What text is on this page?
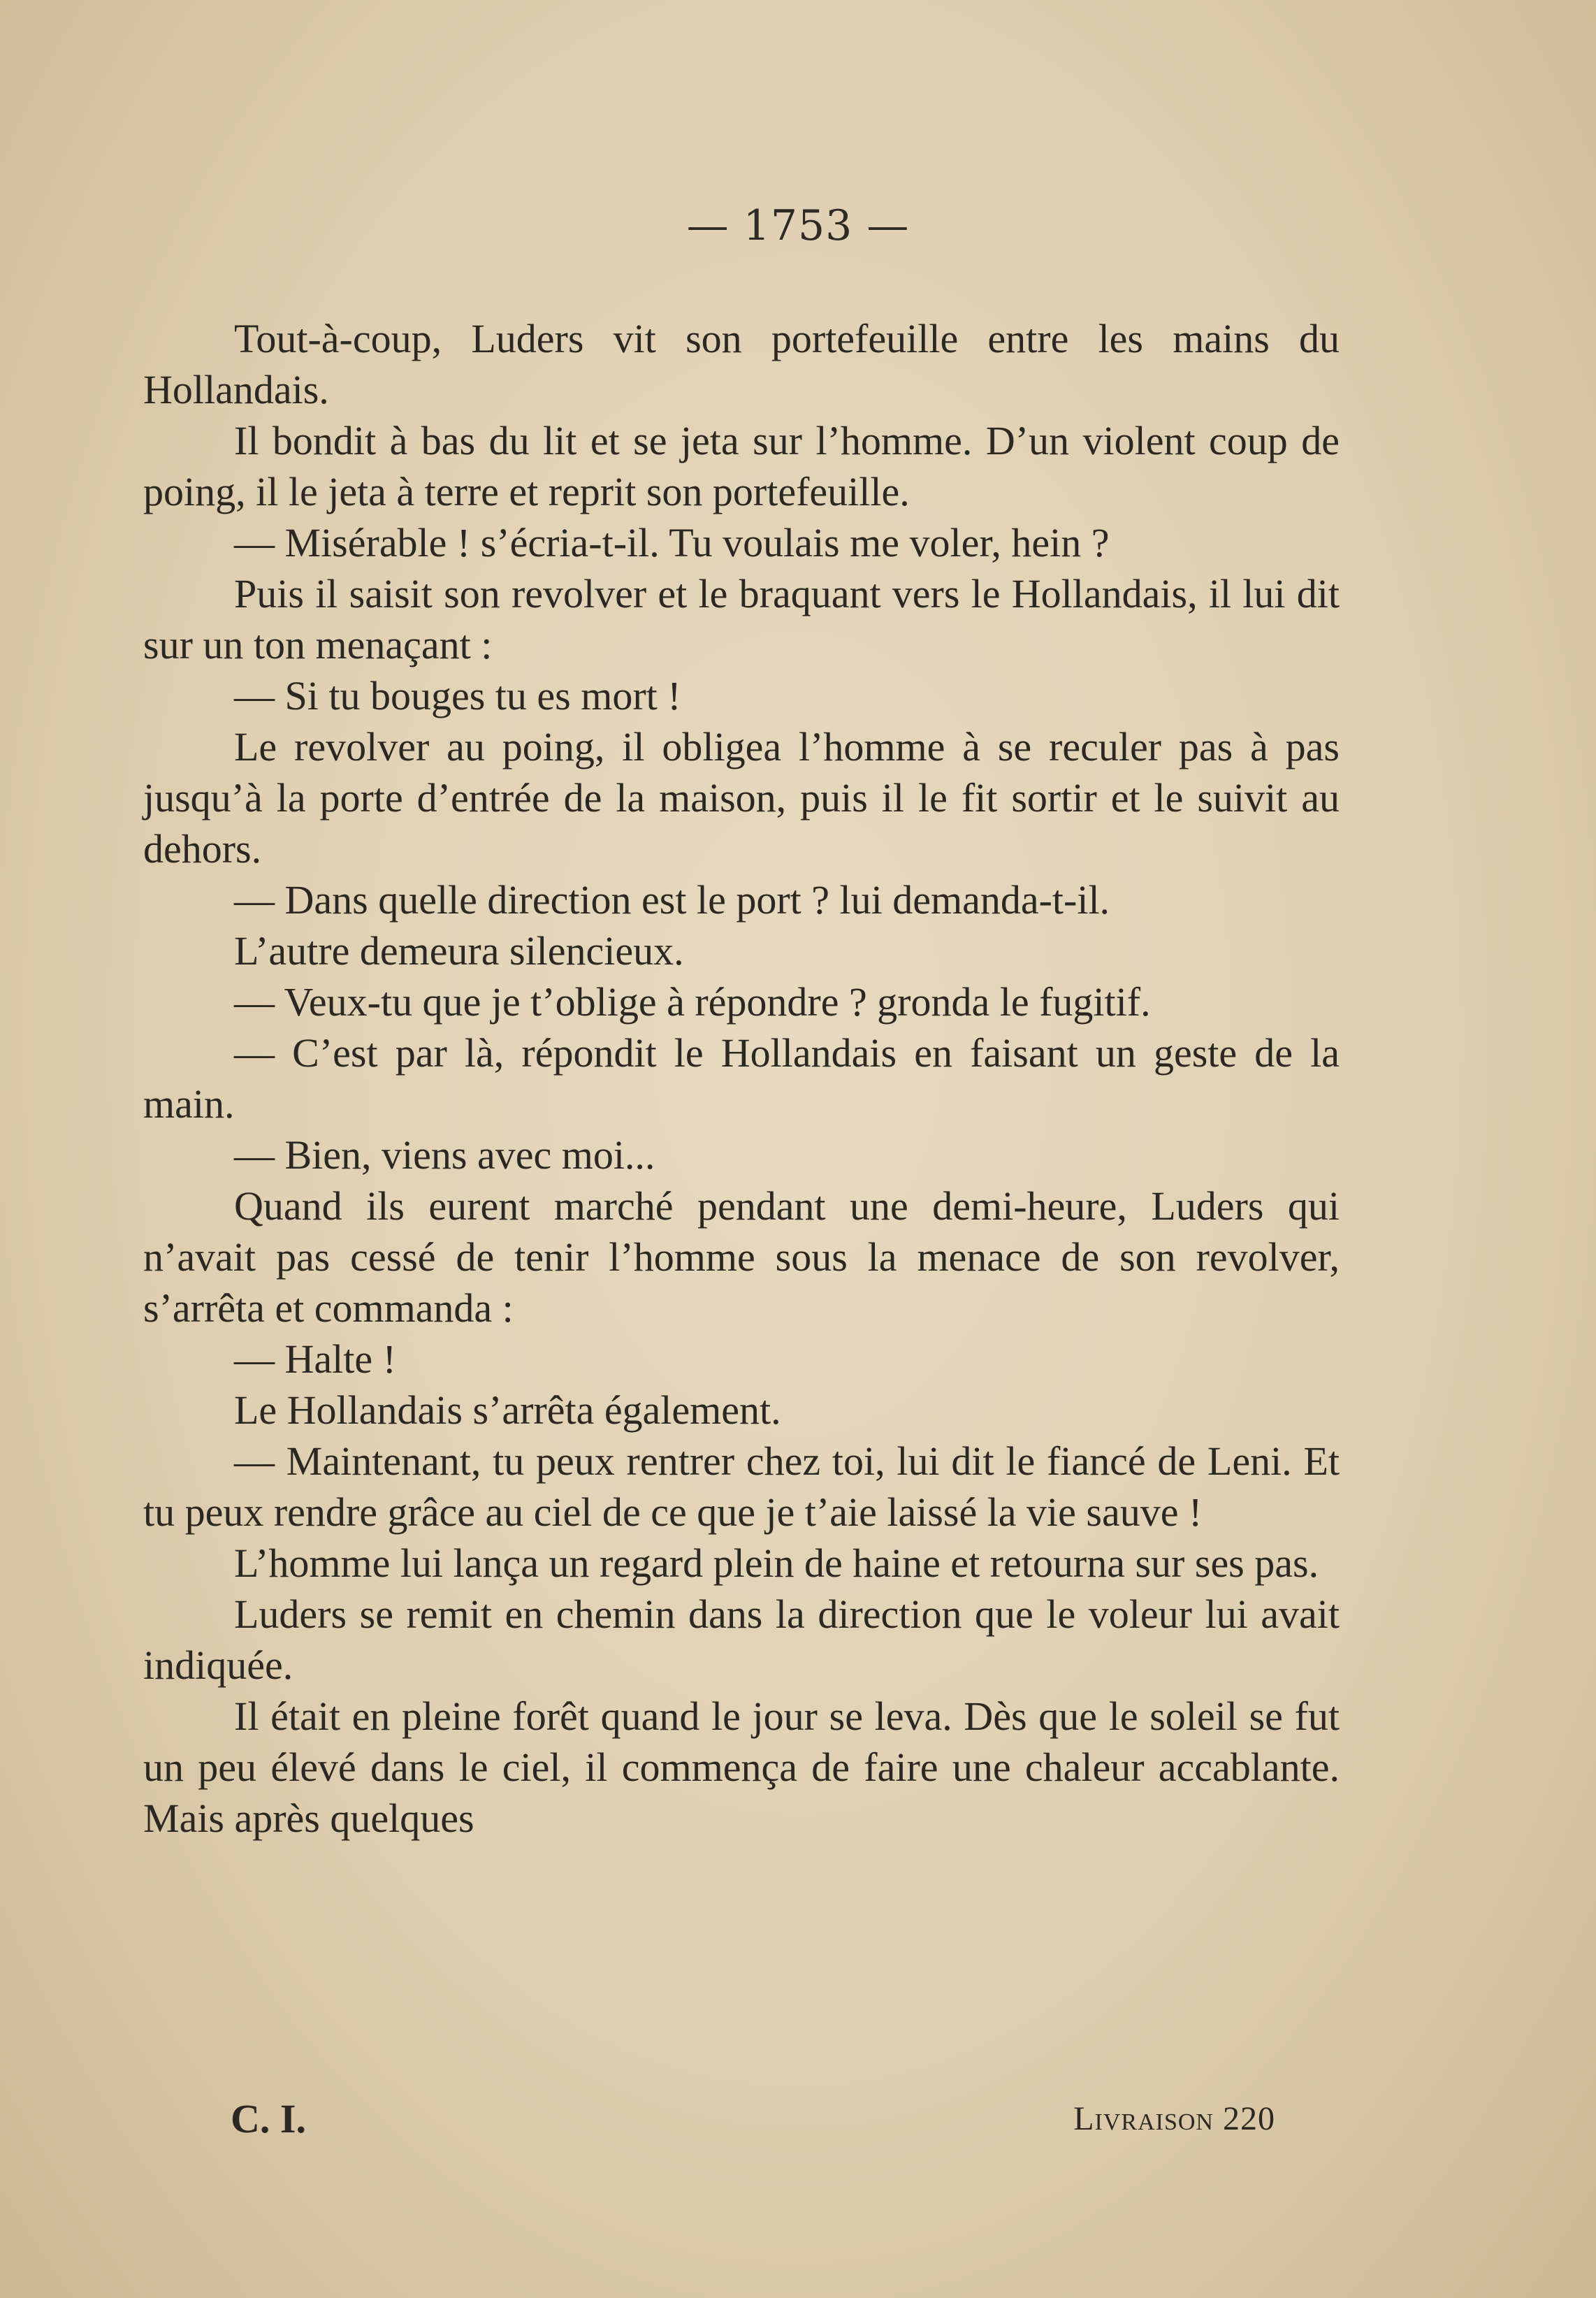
— 1753 —

Tout-à-coup, Luders vit son portefeuille entre les mains du Hollandais.

Il bondit à bas du lit et se jeta sur l’homme. D’un violent coup de poing, il le jeta à terre et reprit son portefeuille.

— Misérable ! s’écria-t-il. Tu voulais me voler, hein ?

Puis il saisit son revolver et le braquant vers le Hollandais, il lui dit sur un ton menaçant :

— Si tu bouges tu es mort !

Le revolver au poing, il obligea l’homme à se reculer pas à pas jusqu’à la porte d’entrée de la maison, puis il le fit sortir et le suivit au dehors.

— Dans quelle direction est le port ? lui demanda-t-il.

L’autre demeura silencieux.

— Veux-tu que je t’oblige à répondre ? gronda le fugitif.

— C’est par là, répondit le Hollandais en faisant un geste de la main.

— Bien, viens avec moi...

Quand ils eurent marché pendant une demi-heure, Luders qui n’avait pas cessé de tenir l’homme sous la menace de son revolver, s’arrêta et commanda :

— Halte !

Le Hollandais s’arrêta également.

— Maintenant, tu peux rentrer chez toi, lui dit le fiancé de Leni. Et tu peux rendre grâce au ciel de ce que je t’aie laissé la vie sauve !

L’homme lui lança un regard plein de haine et retourna sur ses pas.

Luders se remit en chemin dans la direction que le voleur lui avait indiquée.

Il était en pleine forêt quand le jour se leva. Dès que le soleil se fut un peu élevé dans le ciel, il commença de faire une chaleur accablante. Mais après quelques

C. I.	Livraison 220
